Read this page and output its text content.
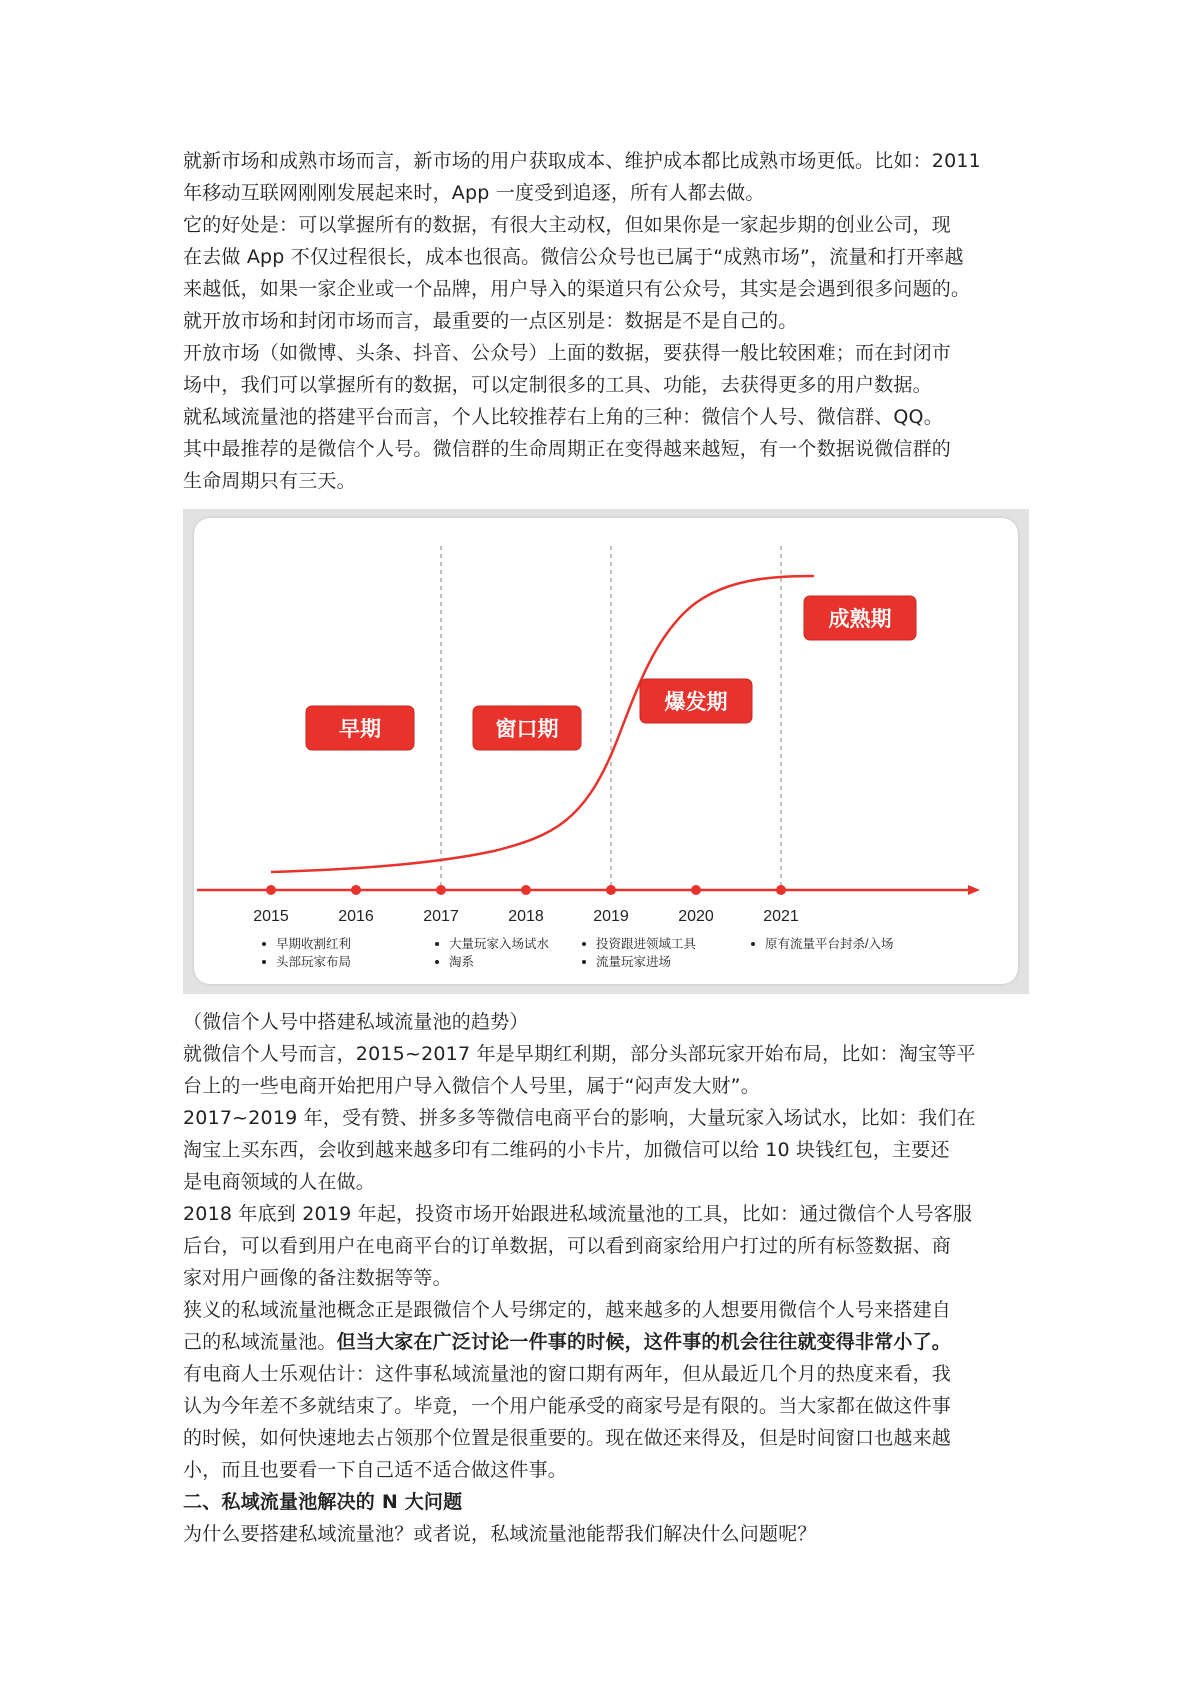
就新市场和成熟市场而言，新市场的用户获取成本、维护成本都比成熟市场更低。比如：2011
年移动互联网刚刚发展起来时，App 一度受到追逐，所有人都去做。
它的好处是：可以掌握所有的数据，有很大主动权，但如果你是一家起步期的创业公司，现
在去做 App 不仅过程很长，成本也很高。微信公众号也已属于“成熟市场”，流量和打开率越
来越低，如果一家企业或一个品牌，用户导入的渠道只有公众号，其实是会遇到很多问题的。
就开放市场和封闭市场而言，最重要的一点区别是：数据是不是自己的。
开放市场（如微博、头条、抖音、公众号）上面的数据，要获得一般比较困难；而在封闭市
场中，我们可以掌握所有的数据，可以定制很多的工具、功能，去获得更多的用户数据。
就私域流量池的搭建平台而言，个人比较推荐右上角的三种：微信个人号、微信群、QQ。
其中最推荐的是微信个人号。微信群的生命周期正在变得越来越短，有一个数据说微信群的
生命周期只有三天。
2015	2016	2017	2018	2019	2020	2021
早期	窗口期
爆发期
成熟期
早期收割红利
头部玩家布局
大量玩家入场试水
淘系
投资跟进领域工具
流量玩家进场
原有流量平台封杀/入场
（微信个人号中搭建私域流量池的趋势）
就微信个人号而言，2015~2017 年是早期红利期，部分头部玩家开始布局，比如：淘宝等平
台上的一些电商开始把用户导入微信个人号里，属于“闷声发大财”。
2017~2019 年，受有赞、拼多多等微信电商平台的影响，大量玩家入场试水，比如：我们在
淘宝上买东西，会收到越来越多印有二维码的小卡片，加微信可以给 10 块钱红包，主要还
是电商领域的人在做。
2018 年底到 2019 年起，投资市场开始跟进私域流量池的工具，比如：通过微信个人号客服
后台，可以看到用户在电商平台的订单数据，可以看到商家给用户打过的所有标签数据、商
家对用户画像的备注数据等等。
狭义的私域流量池概念正是跟微信个人号绑定的，越来越多的人想要用微信个人号来搭建自
己的私域流量池。但当大家在广泛讨论一件事的时候，这件事的机会往往就变得非常小了。
有电商人士乐观估计：这件事私域流量池的窗口期有两年，但从最近几个月的热度来看，我
认为今年差不多就结束了。毕竟，一个用户能承受的商家号是有限的。当大家都在做这件事
的时候，如何快速地去占领那个位置是很重要的。现在做还来得及，但是时间窗口也越来越
小，而且也要看一下自己适不适合做这件事。
二、私域流量池解决的 N 大问题
为什么要搭建私域流量池？或者说，私域流量池能帮我们解决什么问题呢？
